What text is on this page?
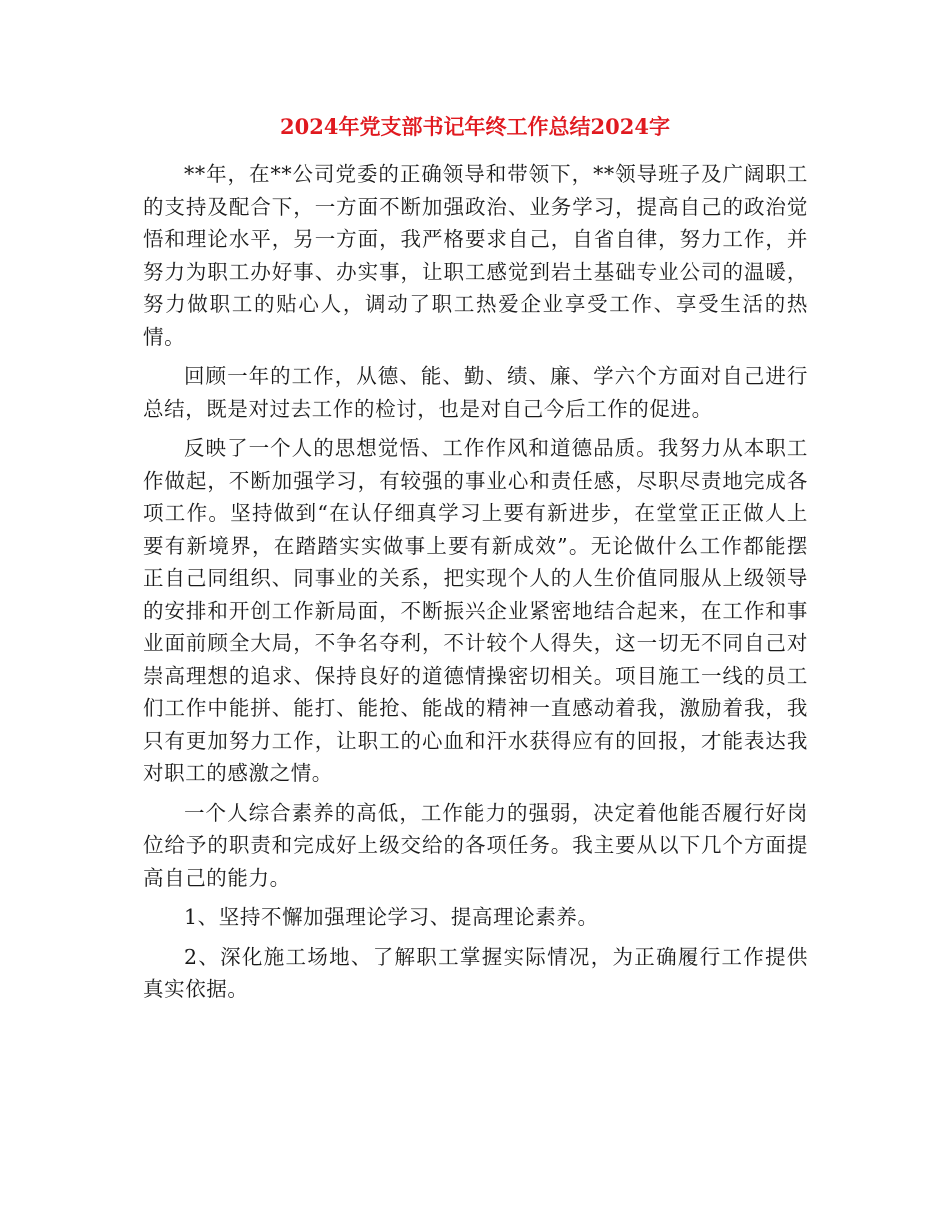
2024年党支部书记年终工作总结2024字

**年，在**公司党委的正确领导和带领下，**领导班子及广阔职工的支持及配合下，一方面不断加强政治、业务学习，提高自己的政治觉悟和理论水平，另一方面，我严格要求自己，自省自律，努力工作，并努力为职工办好事、办实事，让职工感觉到岩土基础专业公司的温暖，努力做职工的贴心人，调动了职工热爱企业享受工作、享受生活的热情。

回顾一年的工作，从德、能、勤、绩、廉、学六个方面对自己进行总结，既是对过去工作的检讨，也是对自己今后工作的促进。

反映了一个人的思想觉悟、工作作风和道德品质。我努力从本职工作做起，不断加强学习，有较强的事业心和责任感，尽职尽责地完成各项工作。坚持做到“在认仔细真学习上要有新进步，在堂堂正正做人上要有新境界，在踏踏实实做事上要有新成效”。无论做什么工作都能摆正自己同组织、同事业的关系，把实现个人的人生价值同服从上级领导的安排和开创工作新局面，不断振兴企业紧密地结合起来，在工作和事业面前顾全大局，不争名夺利，不计较个人得失，这一切无不同自己对崇高理想的追求、保持良好的道德情操密切相关。项目施工一线的员工们工作中能拼、能打、能抢、能战的精神一直感动着我，激励着我，我只有更加努力工作，让职工的心血和汗水获得应有的回报，才能表达我对职工的感激之情。

一个人综合素养的高低，工作能力的强弱，决定着他能否履行好岗位给予的职责和完成好上级交给的各项任务。我主要从以下几个方面提高自己的能力。

1、坚持不懈加强理论学习、提高理论素养。

2、深化施工场地、了解职工掌握实际情况，为正确履行工作提供真实依据。
